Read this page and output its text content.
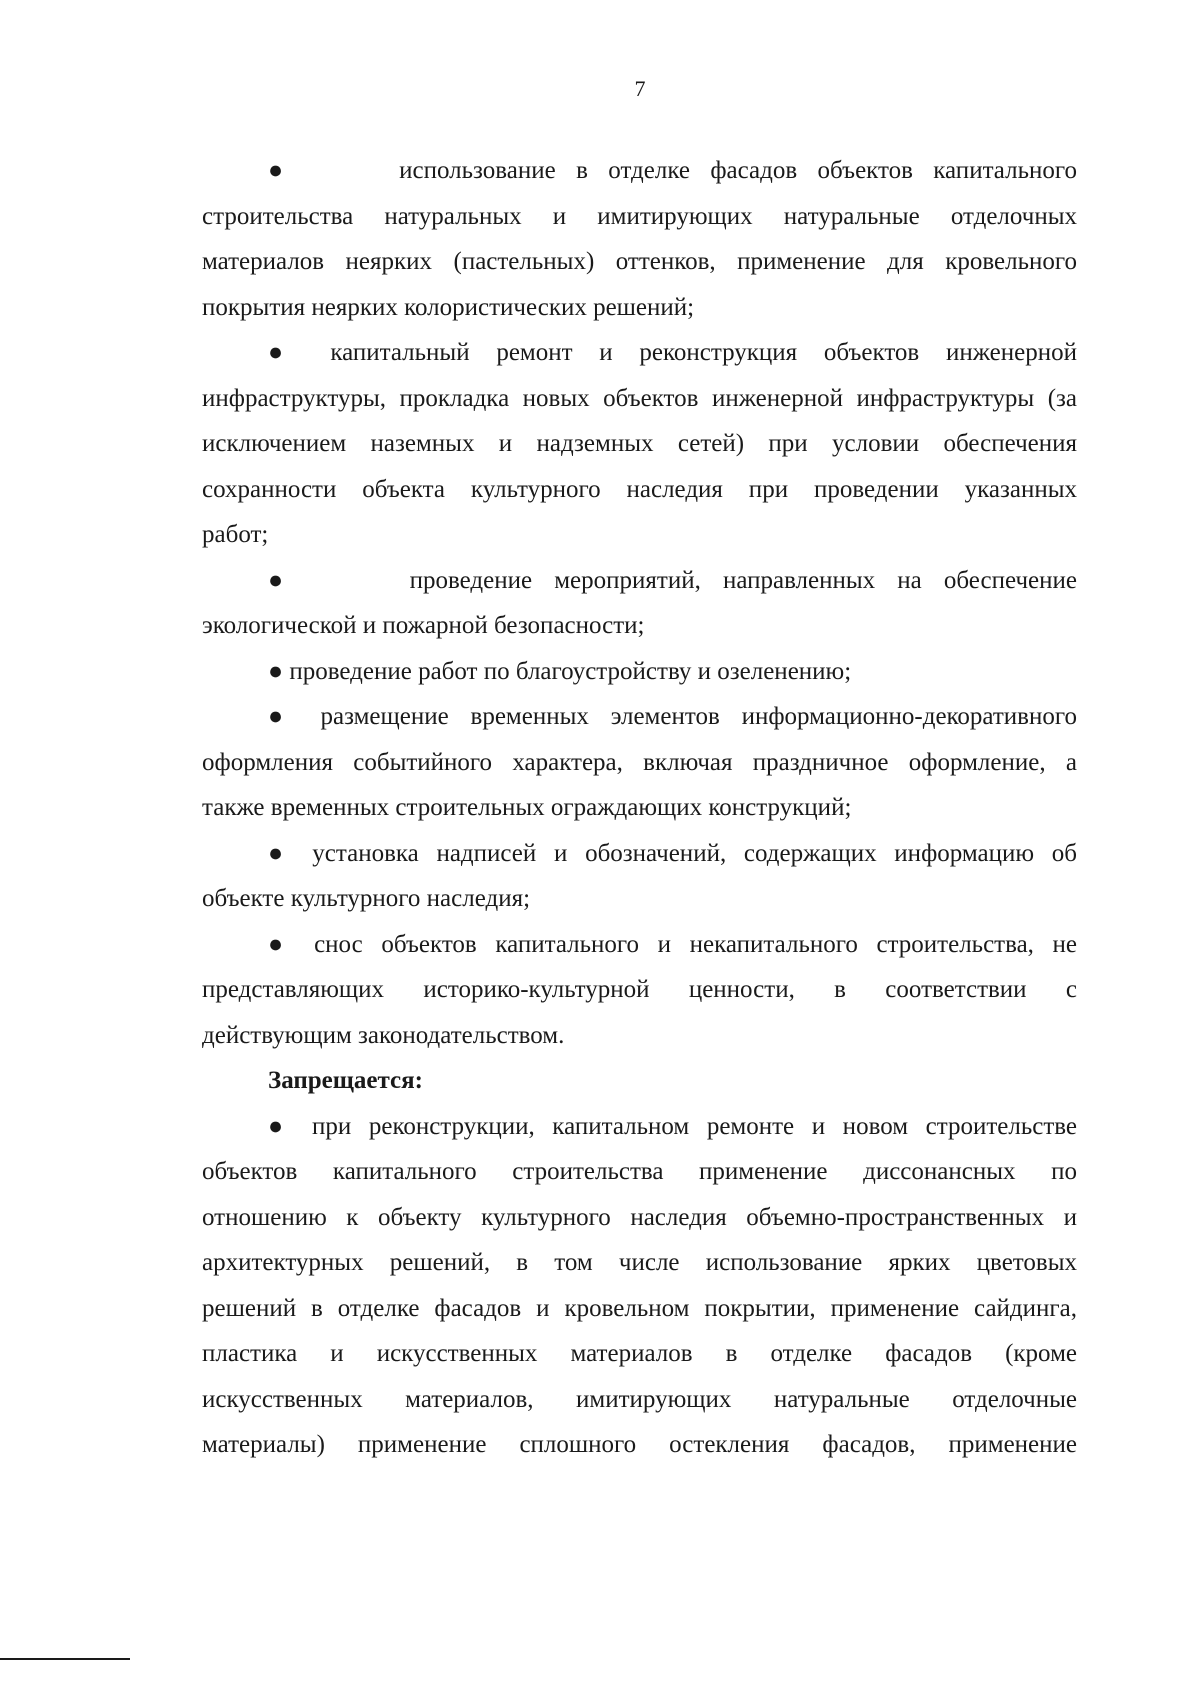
7
●     использование в отделке фасадов объектов капитального
строительства натуральных и имитирующих натуральные отделочных
материалов неярких (пастельных) оттенков, применение для кровельного
покрытия неярких колористических решений;
● капитальный ремонт и реконструкция объектов инженерной
инфраструктуры, прокладка новых объектов инженерной инфраструктуры (за
исключением наземных и надземных сетей) при условии обеспечения
сохранности объекта культурного наследия при проведении указанных
работ;
●     проведение мероприятий, направленных на обеспечение
экологической и пожарной безопасности;
● проведение работ по благоустройству и озеленению;
● размещение временных элементов информационно-декоративного
оформления событийного характера, включая праздничное оформление, а
также временных строительных ограждающих конструкций;
● установка надписей и обозначений, содержащих информацию об
объекте культурного наследия;
● снос объектов капитального и некапитального строительства, не
представляющих историко-культурной ценности, в соответствии с
действующим законодательством.
Запрещается:
● при реконструкции, капитальном ремонте и новом строительстве
объектов капитального строительства применение диссонансных по
отношению к объекту культурного наследия объемно-пространственных и
архитектурных решений, в том числе использование ярких цветовых
решений в отделке фасадов и кровельном покрытии, применение сайдинга,
пластика и искусственных материалов в отделке фасадов (кроме
искусственных материалов, имитирующих натуральные отделочные
материалы) применение сплошного остекления фасадов, применение
